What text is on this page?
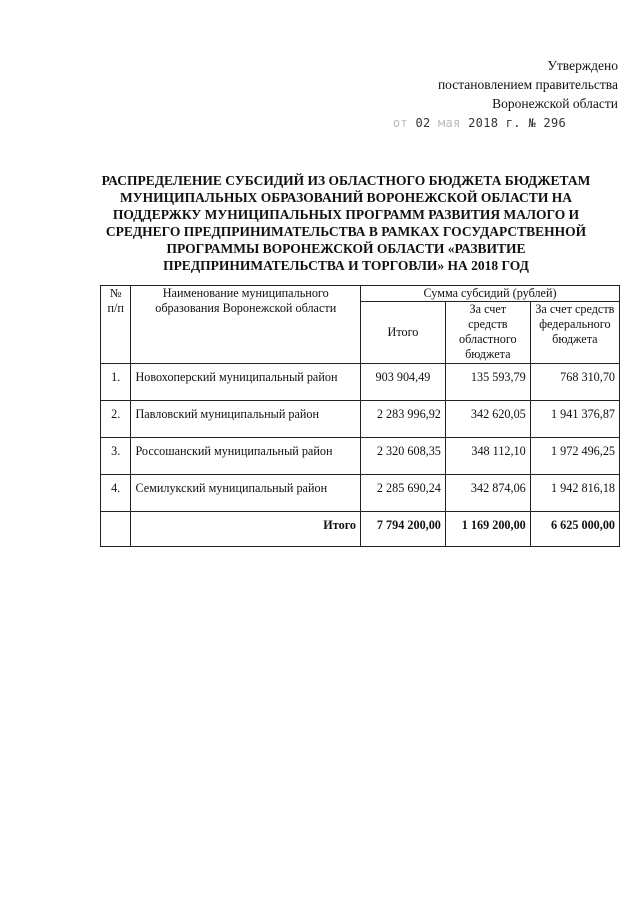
Утверждено
постановлением правительства
Воронежской области
от 02 мая 2018 г. № 296
РАСПРЕДЕЛЕНИЕ СУБСИДИЙ ИЗ ОБЛАСТНОГО БЮДЖЕТА БЮДЖЕТАМ
МУНИЦИПАЛЬНЫХ ОБРАЗОВАНИЙ ВОРОНЕЖСКОЙ ОБЛАСТИ НА
ПОДДЕРЖКУ МУНИЦИПАЛЬНЫХ ПРОГРАММ РАЗВИТИЯ МАЛОГО И
СРЕДНЕГО ПРЕДПРИНИМАТЕЛЬСТВА В РАМКАХ ГОСУДАРСТВЕННОЙ
ПРОГРАММЫ ВОРОНЕЖСКОЙ ОБЛАСТИ «РАЗВИТИЕ
ПРЕДПРИНИМАТЕЛЬСТВА И ТОРГОВЛИ» НА 2018 ГОД
№
п/п	Наименование муниципального образования Воронежской области	Сумма субсидий (рублей)		
		Итого	За счет средств областного бюджета	За счет средств федерального бюджета
1.	Новохоперский муниципальный район	903 904,49	135 593,79	768 310,70
2.	Павловский муниципальный район	2 283 996,92	342 620,05	1 941 376,87
3.	Россошанский муниципальный район	2 320 608,35	348 112,10	1 972 496,25
4.	Семилукский муниципальный район	2 285 690,24	342 874,06	1 942 816,18
	Итого	7 794 200,00	1 169 200,00	6 625 000,00
